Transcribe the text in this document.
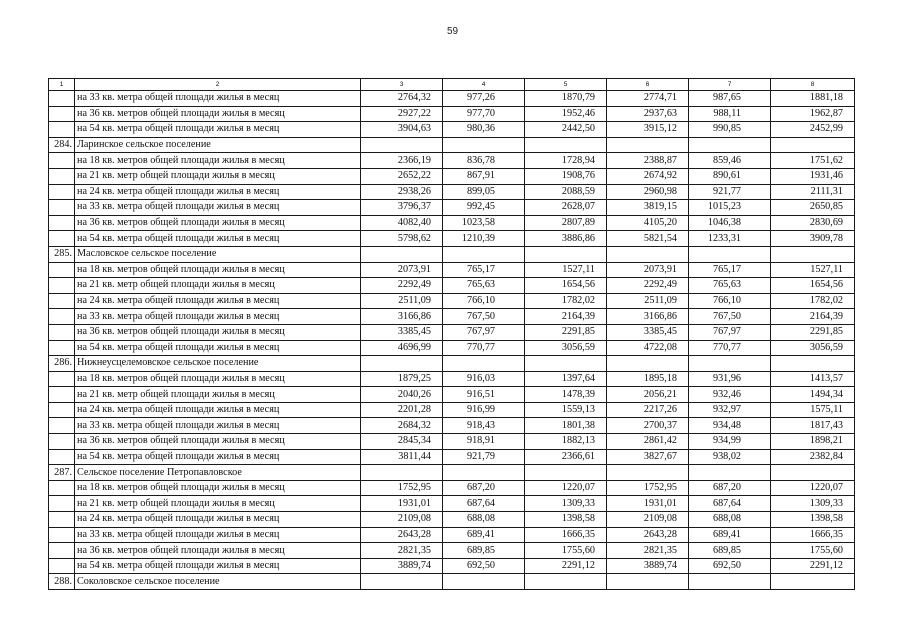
59
1	2	3	4	5	6	7	8
	на 33 кв. метра общей площади жилья в месяц	2764,32	977,26	1870,79	2774,71	987,65	1881,18
	на 36 кв. метров общей площади жилья в месяц	2927,22	977,70	1952,46	2937,63	988,11	1962,87
	на 54 кв. метра общей площади жилья в месяц	3904,63	980,36	2442,50	3915,12	990,85	2452,99
284.	Ларинское сельское поселение						
	на 18 кв. метров общей площади жилья в месяц	2366,19	836,78	1728,94	2388,87	859,46	1751,62
	на 21 кв. метр общей площади жилья в месяц	2652,22	867,91	1908,76	2674,92	890,61	1931,46
	на 24 кв. метра общей площади жилья в месяц	2938,26	899,05	2088,59	2960,98	921,77	2111,31
	на 33 кв. метра общей площади жилья в месяц	3796,37	992,45	2628,07	3819,15	1015,23	2650,85
	на 36 кв. метров общей площади жилья в месяц	4082,40	1023,58	2807,89	4105,20	1046,38	2830,69
	на 54 кв. метра общей площади жилья в месяц	5798,62	1210,39	3886,86	5821,54	1233,31	3909,78
285.	Масловское сельское поселение						
	на 18 кв. метров общей площади жилья в месяц	2073,91	765,17	1527,11	2073,91	765,17	1527,11
	на 21 кв. метр общей площади жилья в месяц	2292,49	765,63	1654,56	2292,49	765,63	1654,56
	на 24 кв. метра общей площади жилья в месяц	2511,09	766,10	1782,02	2511,09	766,10	1782,02
	на 33 кв. метра общей площади жилья в месяц	3166,86	767,50	2164,39	3166,86	767,50	2164,39
	на 36 кв. метров общей площади жилья в месяц	3385,45	767,97	2291,85	3385,45	767,97	2291,85
	на 54 кв. метра общей площади жилья в месяц	4696,99	770,77	3056,59	4722,08	770,77	3056,59
286.	Нижнеусцелемовское сельское поселение						
	на 18 кв. метров общей площади жилья в месяц	1879,25	916,03	1397,64	1895,18	931,96	1413,57
	на 21 кв. метр общей площади жилья в месяц	2040,26	916,51	1478,39	2056,21	932,46	1494,34
	на 24 кв. метра общей площади жилья в месяц	2201,28	916,99	1559,13	2217,26	932,97	1575,11
	на 33 кв. метра общей площади жилья в месяц	2684,32	918,43	1801,38	2700,37	934,48	1817,43
	на 36 кв. метров общей площади жилья в месяц	2845,34	918,91	1882,13	2861,42	934,99	1898,21
	на 54 кв. метра общей площади жилья в месяц	3811,44	921,79	2366,61	3827,67	938,02	2382,84
287.	Сельское поселение Петропавловское						
	на 18 кв. метров общей площади жилья в месяц	1752,95	687,20	1220,07	1752,95	687,20	1220,07
	на 21 кв. метр общей площади жилья в месяц	1931,01	687,64	1309,33	1931,01	687,64	1309,33
	на 24 кв. метра общей площади жилья в месяц	2109,08	688,08	1398,58	2109,08	688,08	1398,58
	на 33 кв. метра общей площади жилья в месяц	2643,28	689,41	1666,35	2643,28	689,41	1666,35
	на 36 кв. метров общей площади жилья в месяц	2821,35	689,85	1755,60	2821,35	689,85	1755,60
	на 54 кв. метра общей площади жилья в месяц	3889,74	692,50	2291,12	3889,74	692,50	2291,12
288.	Соколовское сельское поселение						
